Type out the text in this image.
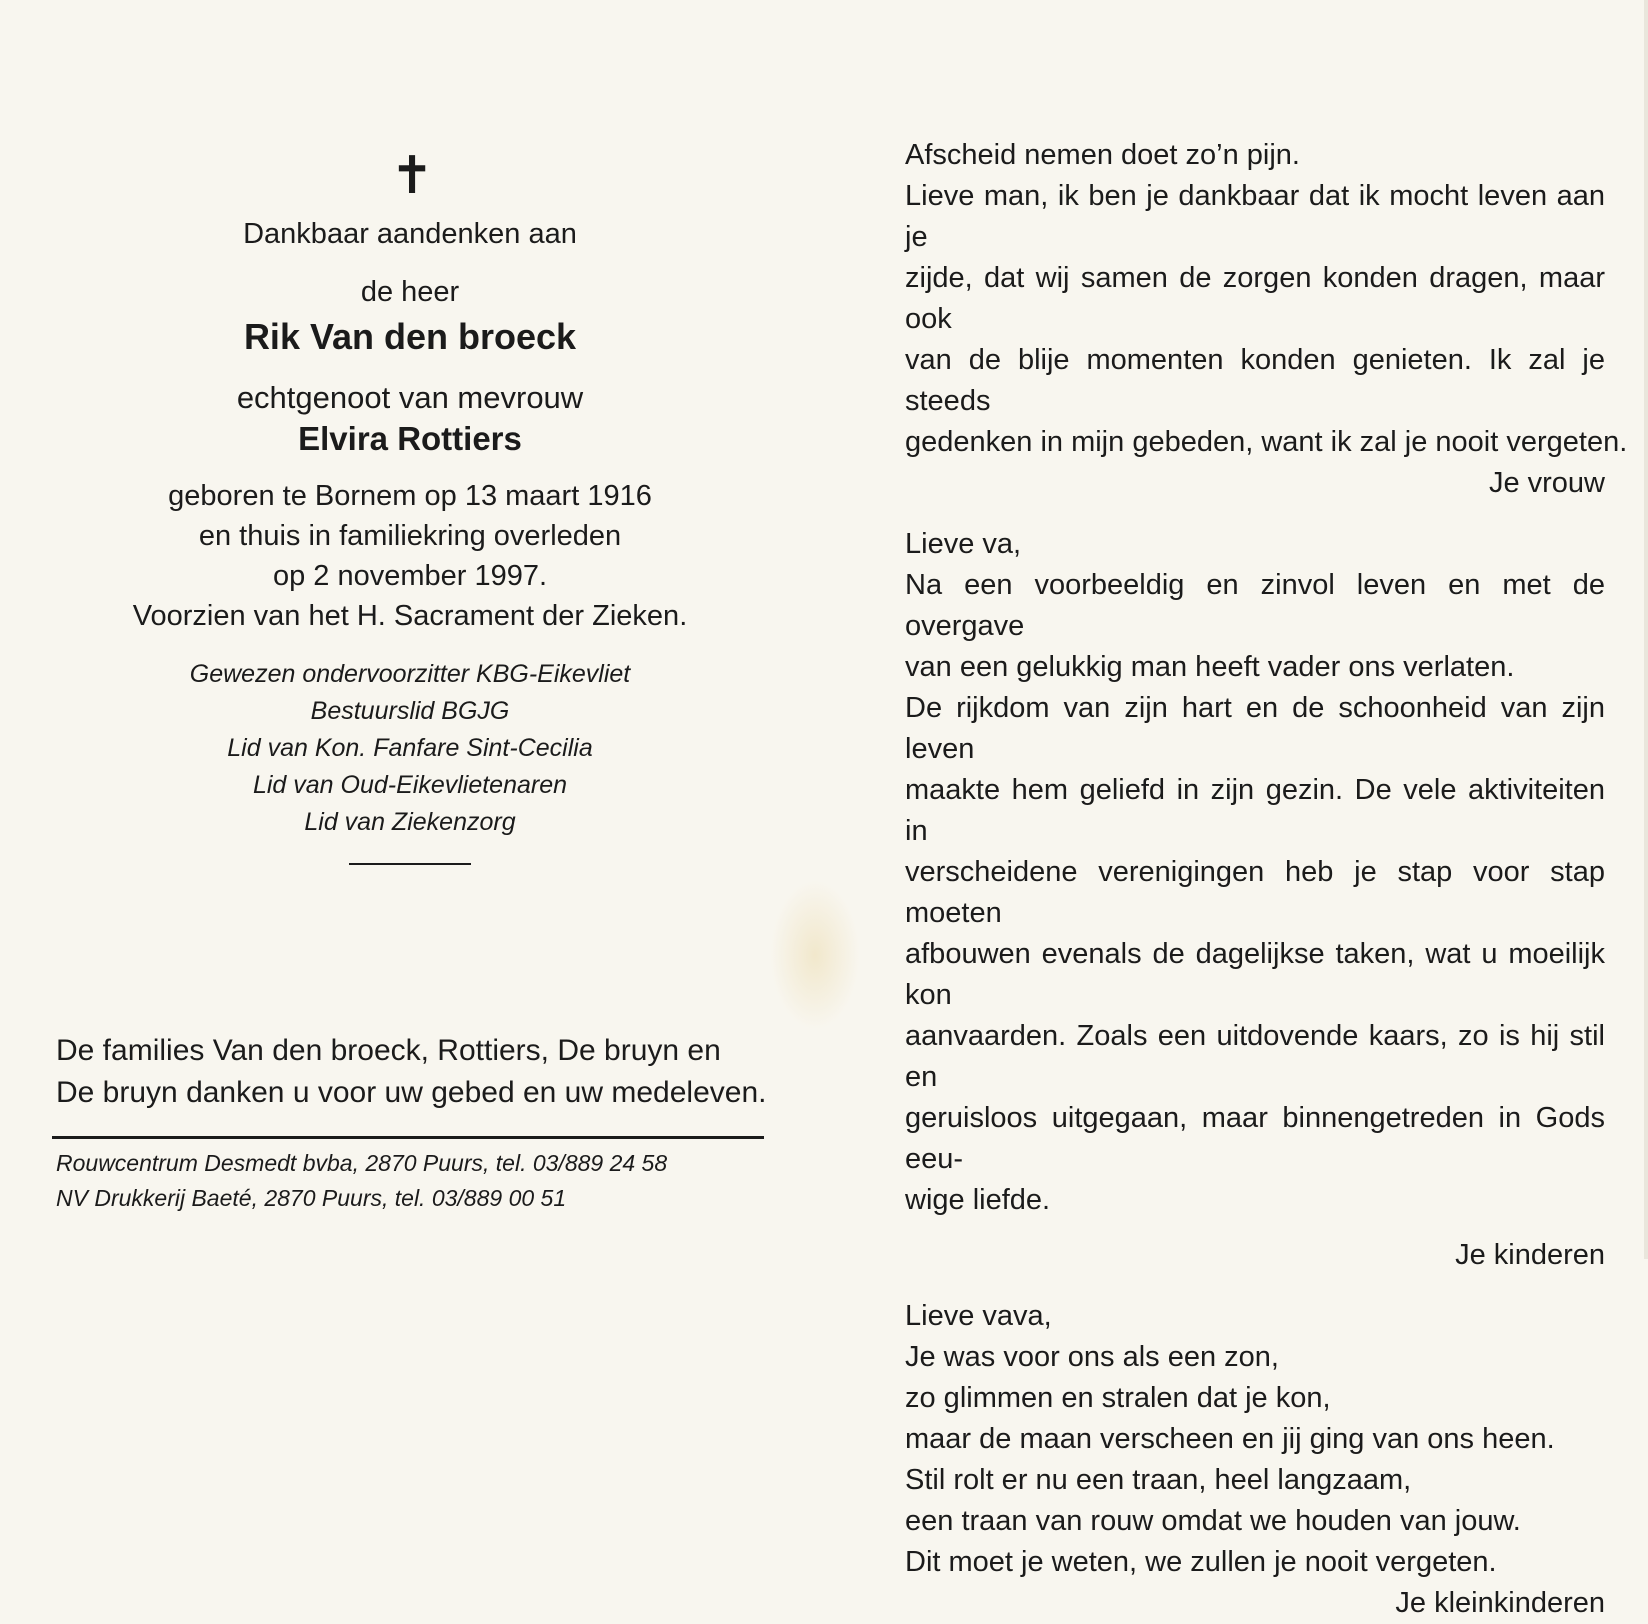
✝
Dankbaar aandenken aan
de heer
Rik Van den broeck
echtgenoot van mevrouw
Elvira Rottiers
geboren te Bornem op 13 maart 1916
en thuis in familiekring overleden
op 2 november 1997.
Voorzien van het H. Sacrament der Zieken.
Gewezen ondervoorzitter KBG-Eikevliet
Bestuurslid BGJG
Lid van Kon. Fanfare Sint-Cecilia
Lid van Oud-Eikevlietenaren
Lid van Ziekenzorg
De families Van den broeck, Rottiers, De bruyn en
De bruyn danken u voor uw gebed en uw medeleven.
Rouwcentrum Desmedt bvba, 2870 Puurs, tel. 03/889 24 58
NV Drukkerij Baeté, 2870 Puurs, tel. 03/889 00 51
Afscheid nemen doet zo’n pijn.
Lieve man, ik ben je dankbaar dat ik mocht leven aan je
zijde, dat wij samen de zorgen konden dragen, maar ook
van de blije momenten konden genieten. Ik zal je steeds
gedenken in mijn gebeden, want ik zal je nooit vergeten.
Je vrouw
Lieve va,
Na een voorbeeldig en zinvol leven en met de overgave
van een gelukkig man heeft vader ons verlaten.
De rijkdom van zijn hart en de schoonheid van zijn leven
maakte hem geliefd in zijn gezin. De vele aktiviteiten in
verscheidene verenigingen heb je stap voor stap moeten
afbouwen evenals de dagelijkse taken, wat u moeilijk kon
aanvaarden. Zoals een uitdovende kaars, zo is hij stil en
geruisloos uitgegaan, maar binnengetreden in Gods eeu-
wige liefde.
Je kinderen
Lieve vava,
Je was voor ons als een zon,
zo glimmen en stralen dat je kon,
maar de maan verscheen en jij ging van ons heen.
Stil rolt er nu een traan, heel langzaam,
een traan van rouw omdat we houden van jouw.
Dit moet je weten, we zullen je nooit vergeten.
Je kleinkinderen
